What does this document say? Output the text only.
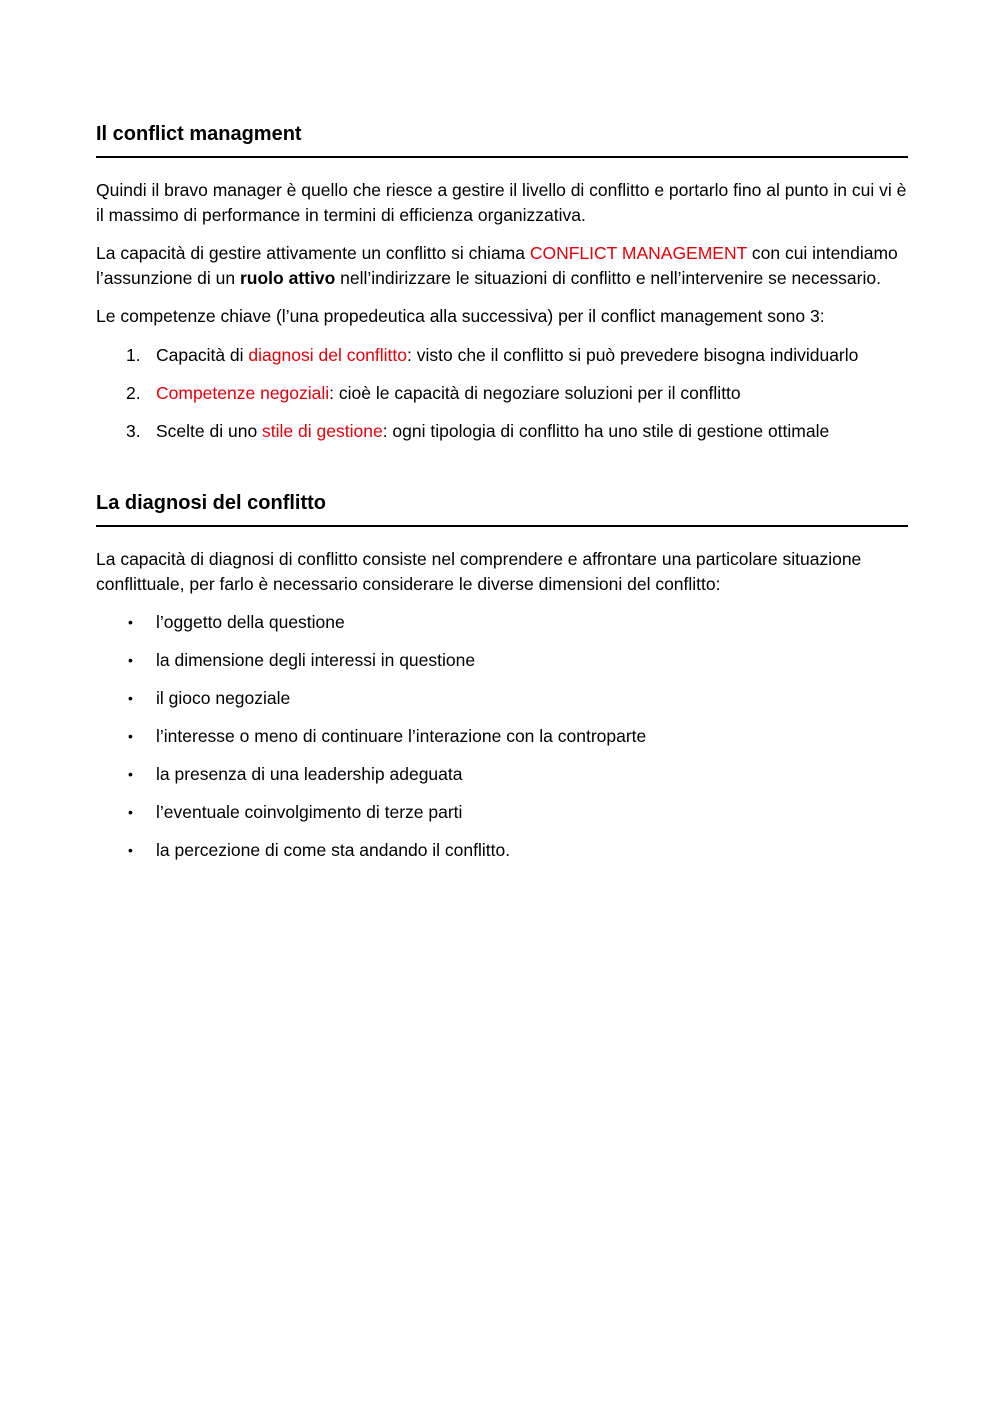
Il conflict managment

Quindi il bravo manager è quello che riesce a gestire il livello di conflitto e portarlo fino al punto in cui vi è il massimo di performance in termini di efficienza organizzativa.

La capacità di gestire attivamente un conflitto si chiama CONFLICT MANAGEMENT con cui intendiamo l’assunzione di un ruolo attivo nell’indirizzare le situazioni di conflitto e nell’intervenire se necessario.

Le competenze chiave (l’una propedeutica alla successiva) per il conflict management sono 3:

1. Capacità di diagnosi del conflitto: visto che il conflitto si può prevedere bisogna individuarlo
2. Competenze negoziali: cioè le capacità di negoziare soluzioni per il conflitto
3. Scelte di uno stile di gestione: ogni tipologia di conflitto ha uno stile di gestione ottimale
La diagnosi del conflitto

La capacità di diagnosi di conflitto consiste nel comprendere e affrontare una particolare situazione conflittuale, per farlo è necessario considerare le diverse dimensioni del conflitto:

• l’oggetto della questione
• la dimensione degli interessi in questione
• il gioco negoziale
• l’interesse o meno di continuare l’interazione con la controparte
• la presenza di una leadership adeguata
• l’eventuale coinvolgimento di terze parti
• la percezione di come sta andando il conflitto.
